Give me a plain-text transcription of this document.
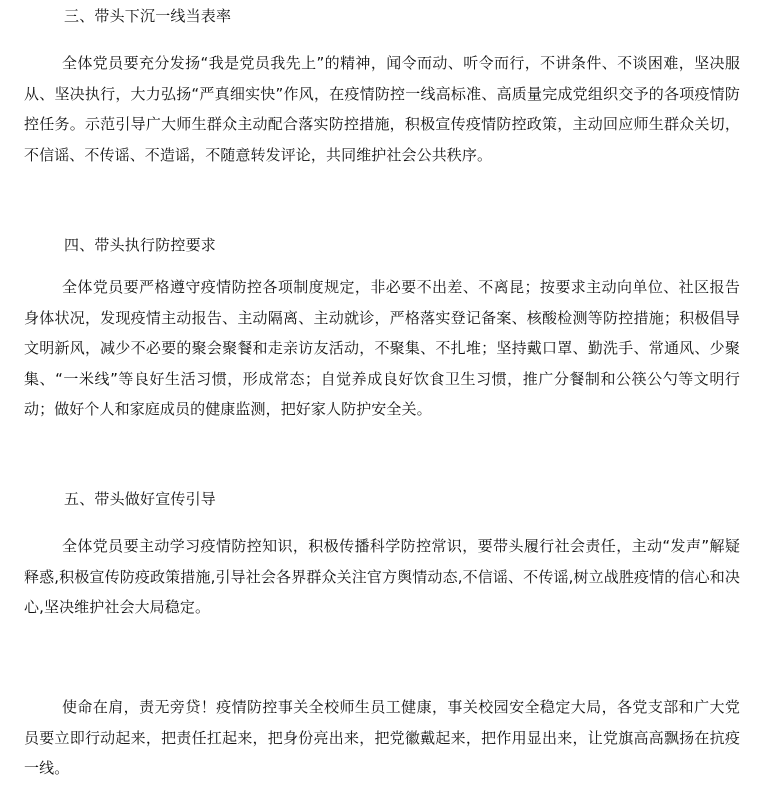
三、带头下沉一线当表率

全体党员要充分发扬“我是党员我先上”的精神，闻令而动、听令而行，不讲条件、不谈困难，坚决服从、坚决执行，大力弘扬“严真细实快”作风，在疫情防控一线高标准、高质量完成党组织交予的各项疫情防控任务。示范引导广大师生群众主动配合落实防控措施，积极宣传疫情防控政策，主动回应师生群众关切，不信谣、不传谣、不造谣，不随意转发评论，共同维护社会公共秩序。

四、带头执行防控要求

全体党员要严格遵守疫情防控各项制度规定，非必要不出差、不离昆；按要求主动向单位、社区报告身体状况，发现疫情主动报告、主动隔离、主动就诊，严格落实登记备案、核酸检测等防控措施；积极倡导文明新风，减少不必要的聚会聚餐和走亲访友活动，不聚集、不扎堆；坚持戴口罩、勤洗手、常通风、少聚集、“一米线”等良好生活习惯，形成常态；自觉养成良好饮食卫生习惯，推广分餐制和公筷公勺等文明行动；做好个人和家庭成员的健康监测，把好家人防护安全关。

五、带头做好宣传引导

全体党员要主动学习疫情防控知识，积极传播科学防控常识，要带头履行社会责任，主动“发声”解疑释惑,积极宣传防疫政策措施,引导社会各界群众关注官方舆情动态,不信谣、不传谣,树立战胜疫情的信心和决心,坚决维护社会大局稳定。

使命在肩，责无旁贷！疫情防控事关全校师生员工健康，事关校园安全稳定大局，各党支部和广大党员要立即行动起来，把责任扛起来，把身份亮出来，把党徽戴起来，把作用显出来，让党旗高高飘扬在抗疫一线。
